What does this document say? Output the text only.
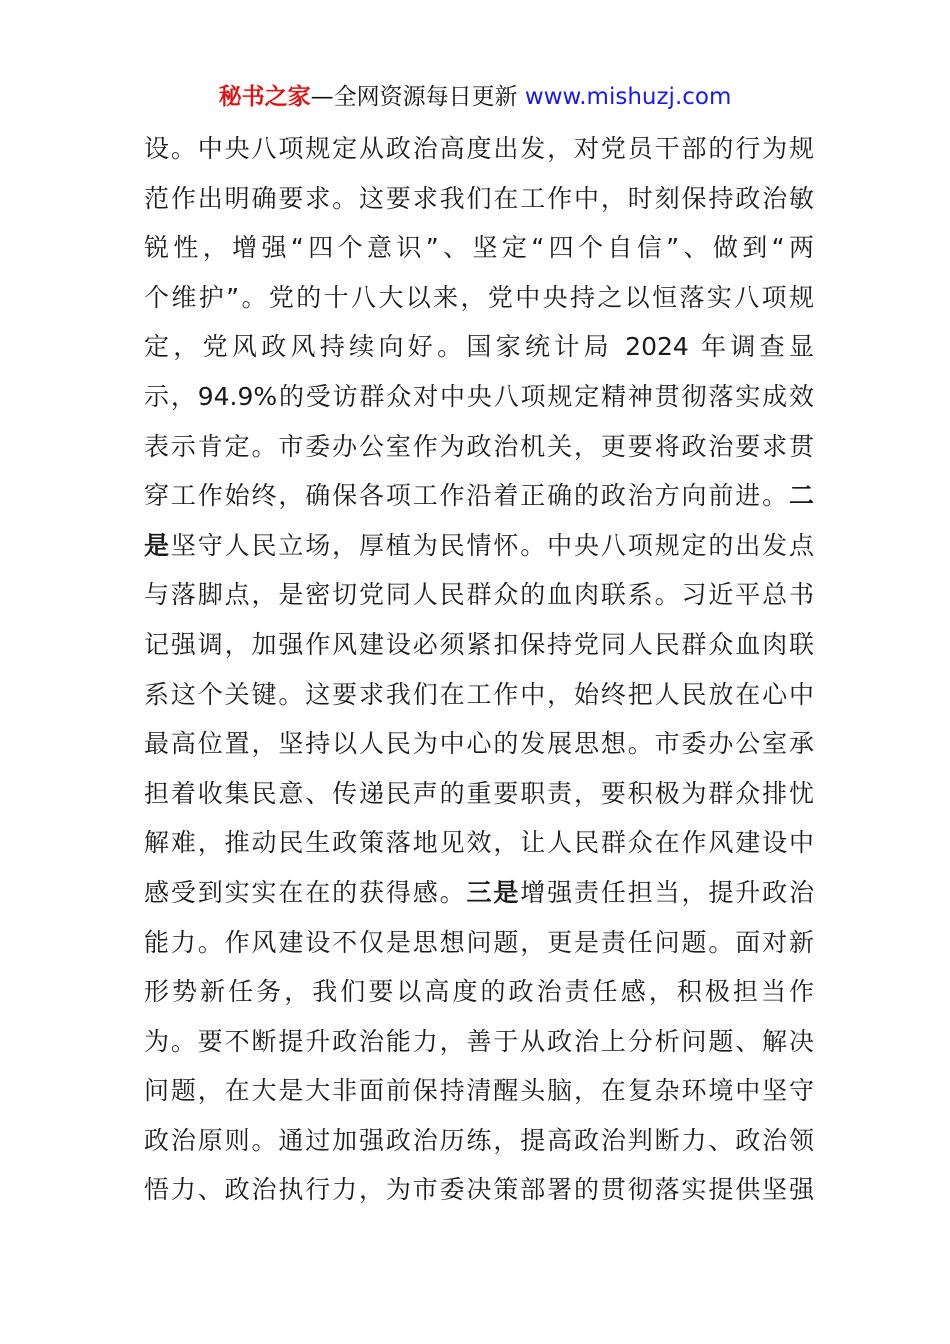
秘书之家—全网资源每日更新 www.mishuzj.com
设。中央八项规定从政治高度出发，对党员干部的行为规
范作出明确要求。这要求我们在工作中，时刻保持政治敏
锐性，增强“四个意识”、坚定“四个自信”、做到“两
个维护”。党的十八大以来，党中央持之以恒落实八项规
定，党风政风持续向好。国家统计局 2024 年调查显
示，94.9%的受访群众对中央八项规定精神贯彻落实成效
表示肯定。市委办公室作为政治机关，更要将政治要求贯
穿工作始终，确保各项工作沿着正确的政治方向前进。二
是坚守人民立场，厚植为民情怀。中央八项规定的出发点
与落脚点，是密切党同人民群众的血肉联系。习近平总书
记强调，加强作风建设必须紧扣保持党同人民群众血肉联
系这个关键。这要求我们在工作中，始终把人民放在心中
最高位置，坚持以人民为中心的发展思想。市委办公室承
担着收集民意、传递民声的重要职责，要积极为群众排忧
解难，推动民生政策落地见效，让人民群众在作风建设中
感受到实实在在的获得感。三是增强责任担当，提升政治
能力。作风建设不仅是思想问题，更是责任问题。面对新
形势新任务，我们要以高度的政治责任感，积极担当作
为。要不断提升政治能力，善于从政治上分析问题、解决
问题，在大是大非面前保持清醒头脑，在复杂环境中坚守
政治原则。通过加强政治历练，提高政治判断力、政治领
悟力、政治执行力，为市委决策部署的贯彻落实提供坚强
